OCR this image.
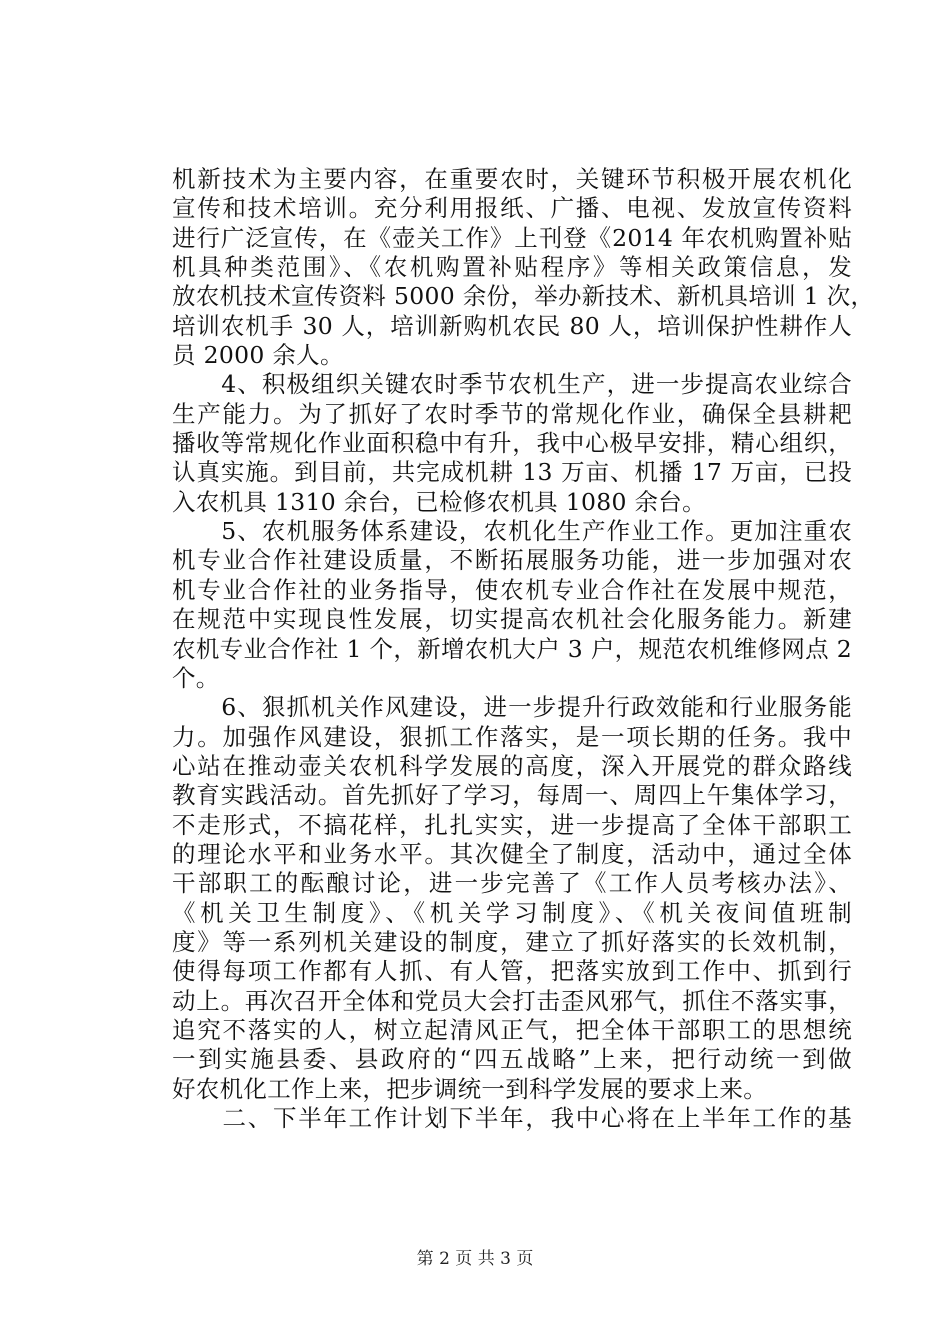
机新技术为主要内容，在重要农时，关键环节积极开展农机化
宣传和技术培训。充分利用报纸、广播、电视、发放宣传资料
进行广泛宣传，在《壶关工作》上刊登《2014 年农机购置补贴
机具种类范围》、《农机购置补贴程序》等相关政策信息，发
放农机技术宣传资料 5000 余份，举办新技术、新机具培训 1 次，
培训农机手 30 人，培训新购机农民 80 人，培训保护性耕作人
员 2000 余人。
　　4、积极组织关键农时季节农机生产，进一步提高农业综合
生产能力。为了抓好了农时季节的常规化作业，确保全县耕耙
播收等常规化作业面积稳中有升，我中心极早安排，精心组织，
认真实施。到目前，共完成机耕 13 万亩、机播 17 万亩，已投
入农机具 1310 余台，已检修农机具 1080 余台。
　　5、农机服务体系建设，农机化生产作业工作。更加注重农
机专业合作社建设质量，不断拓展服务功能，进一步加强对农
机专业合作社的业务指导，使农机专业合作社在发展中规范，
在规范中实现良性发展，切实提高农机社会化服务能力。新建
农机专业合作社 1 个，新增农机大户 3 户，规范农机维修网点 2
个。
　　6、狠抓机关作风建设，进一步提升行政效能和行业服务能
力。加强作风建设，狠抓工作落实，是一项长期的任务。我中
心站在推动壶关农机科学发展的高度，深入开展党的群众路线
教育实践活动。首先抓好了学习，每周一、周四上午集体学习，
不走形式，不搞花样，扎扎实实，进一步提高了全体干部职工
的理论水平和业务水平。其次健全了制度，活动中，通过全体
干部职工的酝酿讨论，进一步完善了《工作人员考核办法》、
《机关卫生制度》、《机关学习制度》、《机关夜间值班制
度》等一系列机关建设的制度，建立了抓好落实的长效机制，
使得每项工作都有人抓、有人管，把落实放到工作中、抓到行
动上。再次召开全体和党员大会打击歪风邪气，抓住不落实事，
追究不落实的人，树立起清风正气，把全体干部职工的思想统
一到实施县委、县政府的“四五战略”上来，把行动统一到做
好农机化工作上来，把步调统一到科学发展的要求上来。
　　二、下半年工作计划下半年，我中心将在上半年工作的基
第 2 页 共 3 页
